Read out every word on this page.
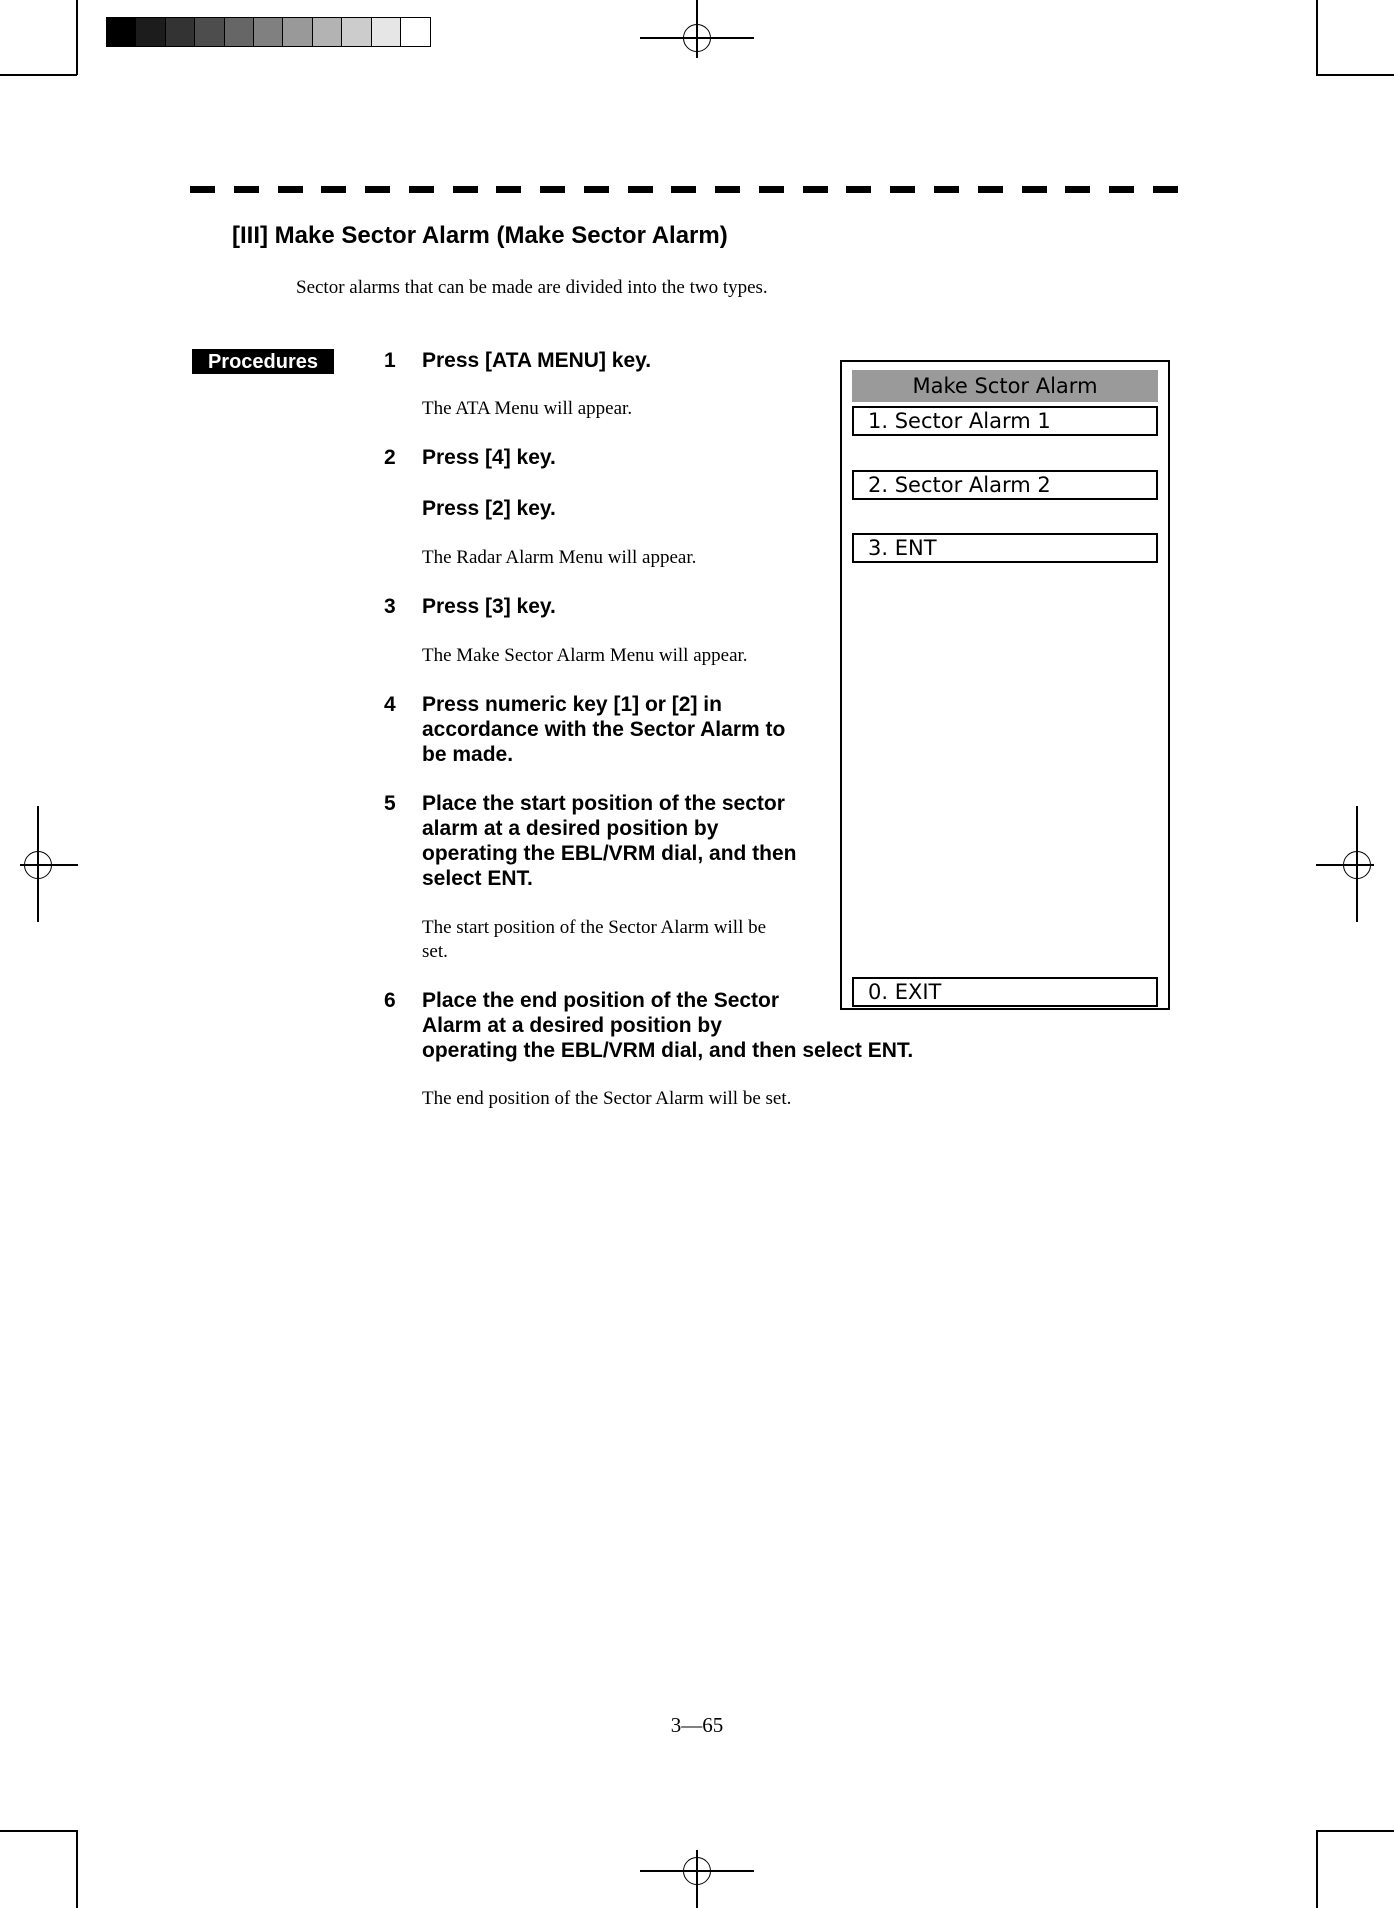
[III] Make Sector Alarm (Make Sector Alarm)
Sector alarms that can be made are divided into the two types.
Procedures	1	Press [ATA MENU] key.
The ATA Menu will appear.
2	Press [4] key.
Press [2] key.
The Radar Alarm Menu will appear.
3	Press [3] key.
The Make Sector Alarm Menu will appear.
4	Press numeric key [1] or [2] in
accordance with the Sector Alarm to
be made.
5	Place the start position of the sector
alarm at a desired position by
operating the EBL/VRM dial, and then
select ENT.
The start position of the Sector Alarm will be
set.
6	Place the end position of the Sector
Alarm at a desired position by
operating the EBL/VRM dial, and then select ENT.
The end position of the Sector Alarm will be set.
Make Sctor Alarm
1. Sector Alarm 1
2. Sector Alarm 2
3. ENT
0. EXIT
3—65
